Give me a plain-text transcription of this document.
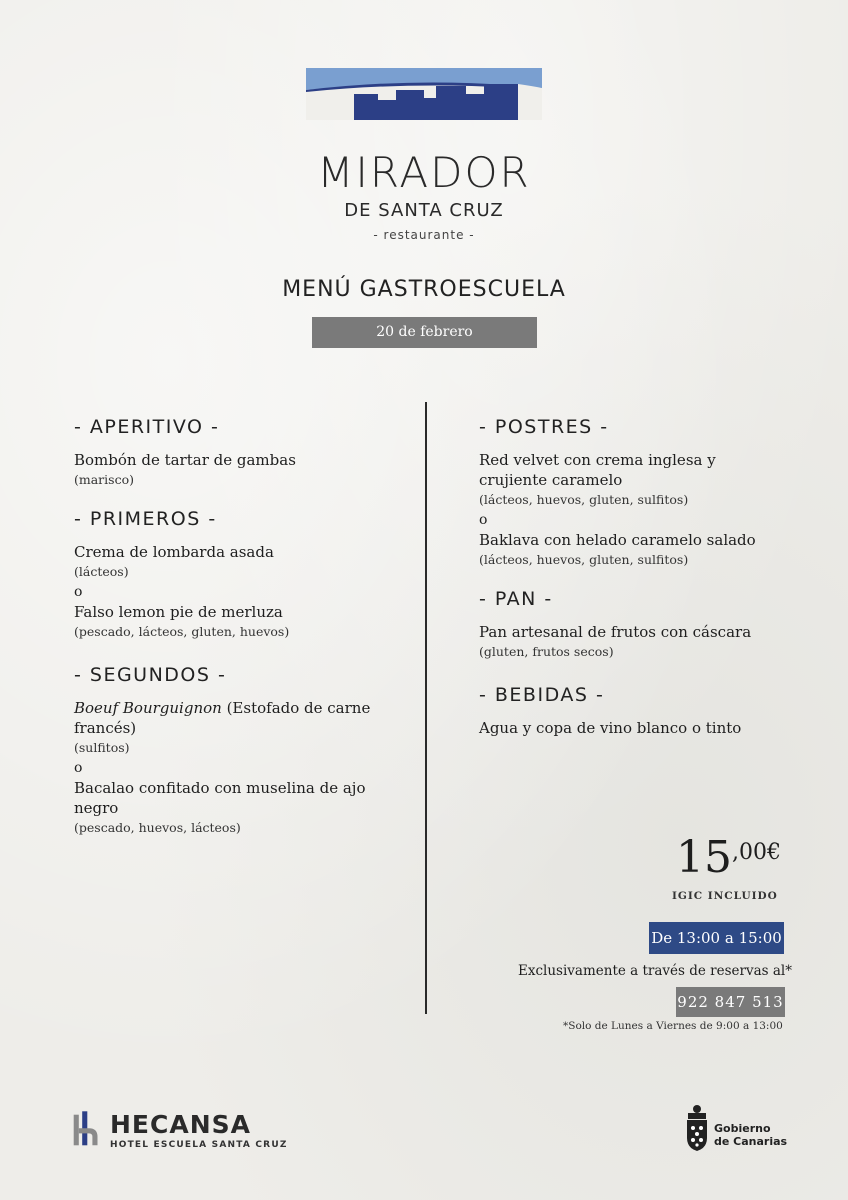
MIRADOR
DE SANTA CRUZ
- restaurante -
MENÚ GASTROESCUELA
20 de febrero
- APERITIVO -
Bombón de tartar de gambas
(marisco)
- PRIMEROS -
Crema de lombarda asada
(lácteos)
o
Falso lemon pie de merluza
(pescado, lácteos, gluten, huevos)
- SEGUNDOS -
Boeuf Bourguignon (Estofado de carne francés)
(sulfitos)
o
Bacalao confitado con muselina de ajo negro
(pescado, huevos, lácteos)
- POSTRES -
Red velvet con crema inglesa y crujiente caramelo
(lácteos, huevos, gluten, sulfitos)
o
Baklava con helado caramelo salado
(lácteos, huevos, gluten, sulfitos)
- PAN -
Pan artesanal de frutos con cáscara
(gluten, frutos secos)
- BEBIDAS -
Agua y copa de vino blanco o tinto
$15^{,00€}$
IGIC INCLUIDO
De 13:00 a 15:00
Exclusivamente a través de reservas al*
922 847 513
*Solo de Lunes a Viernes de 9:00 a 13:00
HECANSA
HOTEL ESCUELA SANTA CRUZ
Gobierno
de Canarias
